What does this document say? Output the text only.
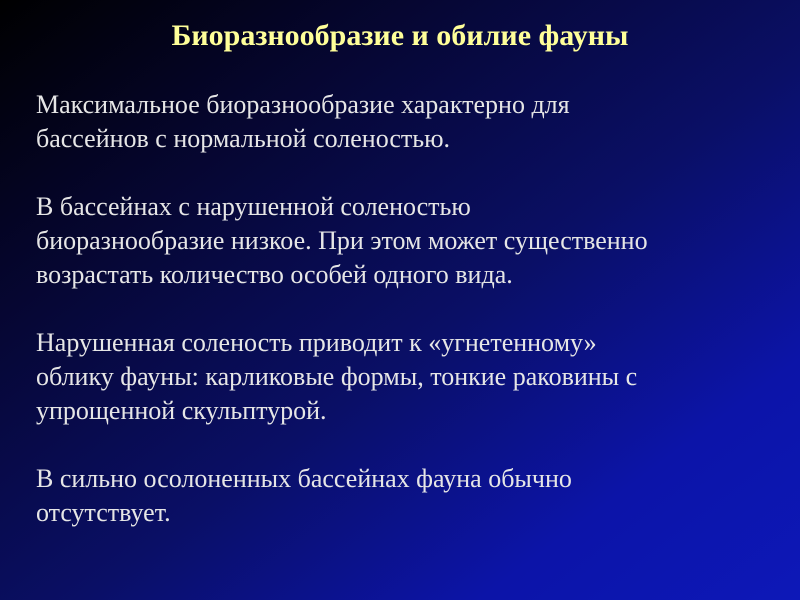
Биоразнообразие и обилие фауны

Максимальное биоразнообразие характерно для
бассейнов с нормальной соленостью.

В бассейнах с нарушенной соленостью
биоразнообразие низкое. При этом может существенно
возрастать количество особей одного вида.

Нарушенная соленость приводит к «угнетенному»
облику фауны: карликовые формы, тонкие раковины с
упрощенной скульптурой.

В сильно осолоненных бассейнах фауна обычно
отсутствует.
